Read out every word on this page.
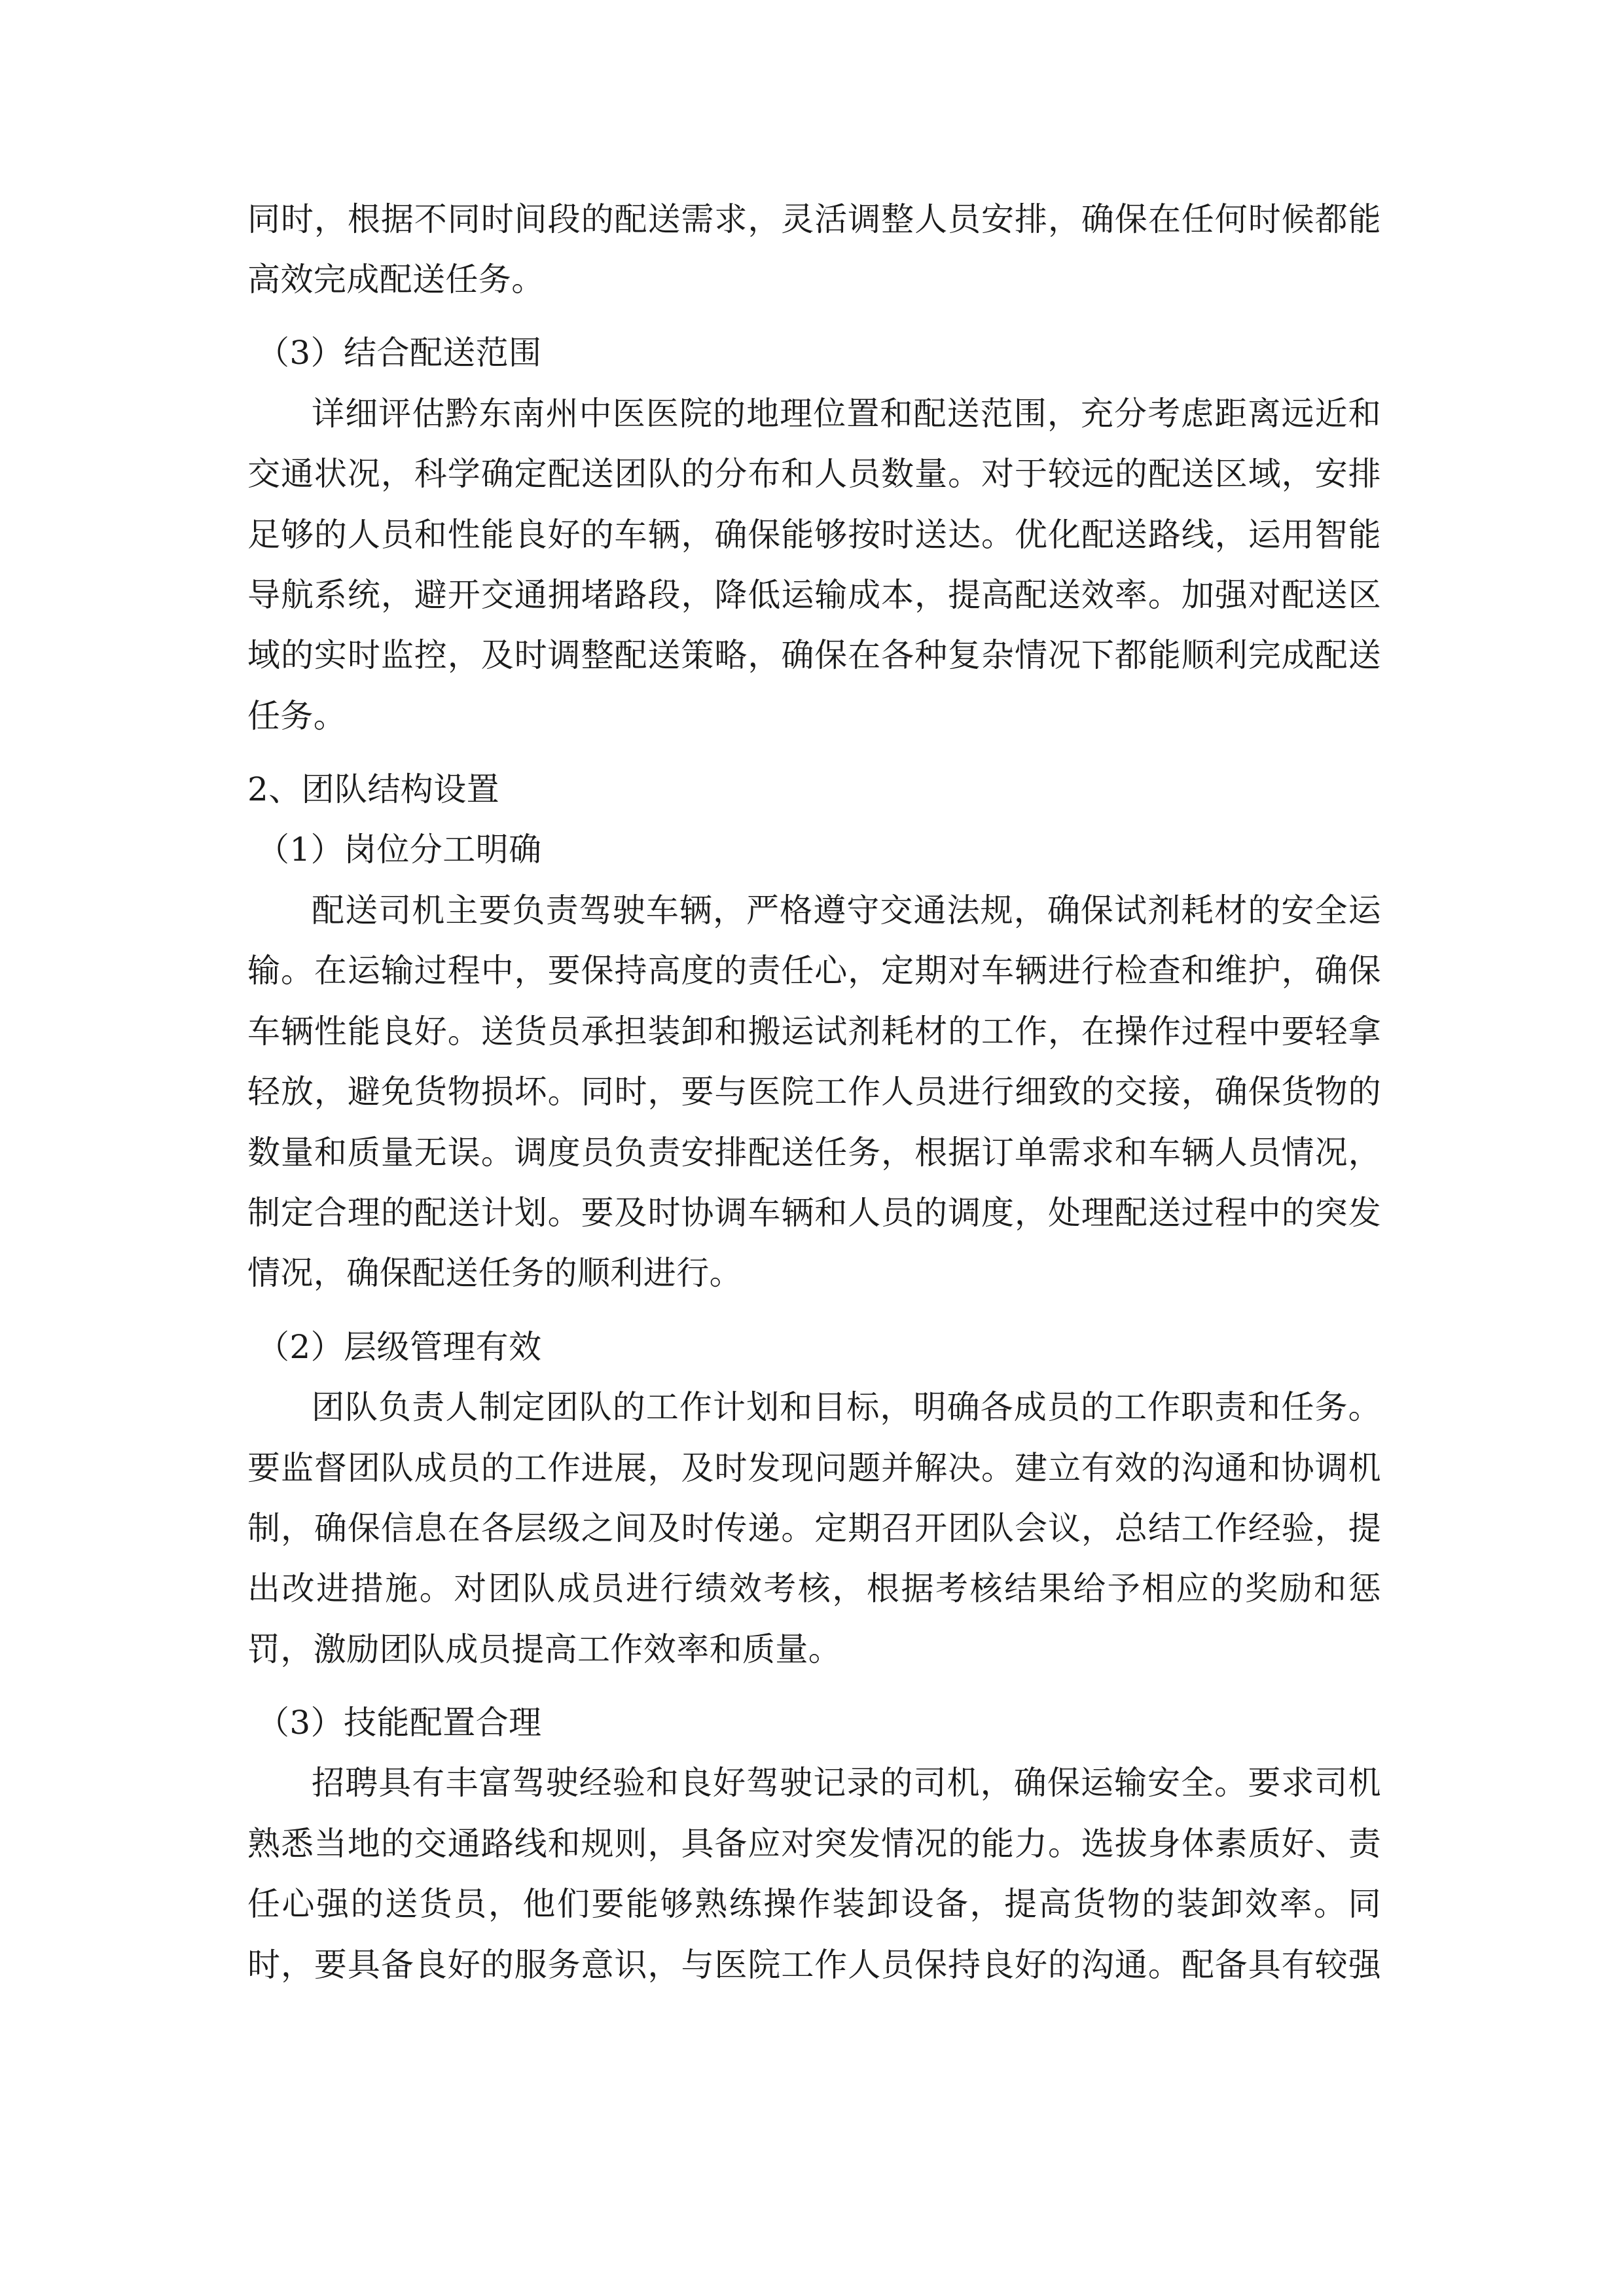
同时，根据不同时间段的配送需求，灵活调整人员安排，确保在任何时候都能

高效完成配送任务。

（3）结合配送范围

详细评估黔东南州中医医院的地理位置和配送范围，充分考虑距离远近和

交通状况，科学确定配送团队的分布和人员数量。对于较远的配送区域，安排

足够的人员和性能良好的车辆，确保能够按时送达。优化配送路线，运用智能

导航系统，避开交通拥堵路段，降低运输成本，提高配送效率。加强对配送区

域的实时监控，及时调整配送策略，确保在各种复杂情况下都能顺利完成配送

任务。

2、团队结构设置

（1）岗位分工明确

配送司机主要负责驾驶车辆，严格遵守交通法规，确保试剂耗材的安全运

输。在运输过程中，要保持高度的责任心，定期对车辆进行检查和维护，确保

车辆性能良好。送货员承担装卸和搬运试剂耗材的工作，在操作过程中要轻拿

轻放，避免货物损坏。同时，要与医院工作人员进行细致的交接，确保货物的

数量和质量无误。调度员负责安排配送任务，根据订单需求和车辆人员情况，

制定合理的配送计划。要及时协调车辆和人员的调度，处理配送过程中的突发

情况，确保配送任务的顺利进行。

（2）层级管理有效

团队负责人制定团队的工作计划和目标，明确各成员的工作职责和任务。

要监督团队成员的工作进展，及时发现问题并解决。建立有效的沟通和协调机

制，确保信息在各层级之间及时传递。定期召开团队会议，总结工作经验，提

出改进措施。对团队成员进行绩效考核，根据考核结果给予相应的奖励和惩

罚，激励团队成员提高工作效率和质量。

（3）技能配置合理

招聘具有丰富驾驶经验和良好驾驶记录的司机，确保运输安全。要求司机

熟悉当地的交通路线和规则，具备应对突发情况的能力。选拔身体素质好、责

任心强的送货员，他们要能够熟练操作装卸设备，提高货物的装卸效率。同

时，要具备良好的服务意识，与医院工作人员保持良好的沟通。配备具有较强
